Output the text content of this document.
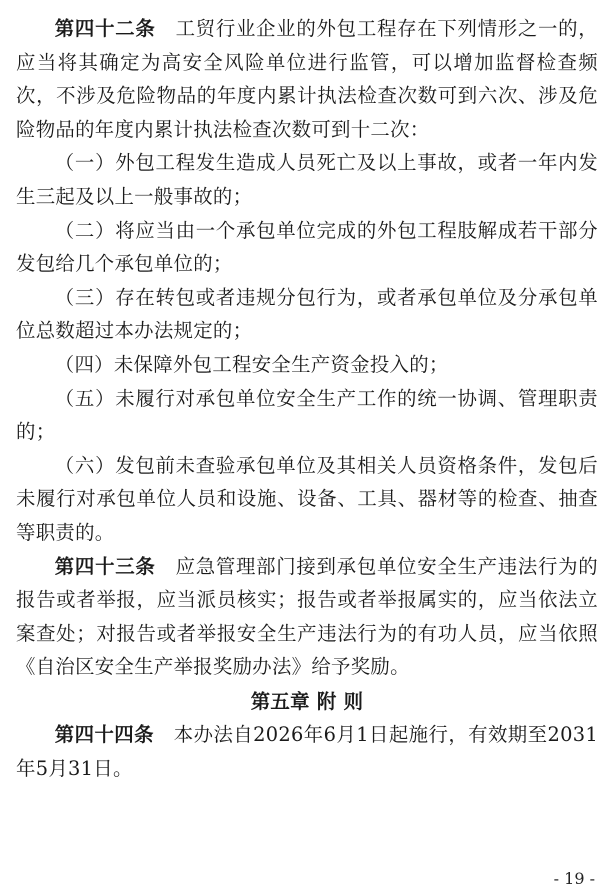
第四十二条　 工贸行业企业的外包工程存在下列情形之一的，应当将其确定为高安全风险单位进行监管，可以增加监督检查频次，不涉及危险物品的年度内累计执法检查次数可到六次、涉及危险物品的年度内累计执法检查次数可到十二次：

（一）外包工程发生造成人员死亡及以上事故，或者一年内发生三起及以上一般事故的；

（二）将应当由一个承包单位完成的外包工程肢解成若干部分发包给几个承包单位的；

（三）存在转包或者违规分包行为，或者承包单位及分承包单位总数超过本办法规定的；

（四）未保障外包工程安全生产资金投入的；

（五）未履行对承包单位安全生产工作的统一协调、管理职责的；

（六）发包前未查验承包单位及其相关人员资格条件，发包后未履行对承包单位人员和设施、设备、工具、器材等的检查、抽查等职责的。

第四十三条　 应急管理部门接到承包单位安全生产违法行为的报告或者举报，应当派员核实；报告或者举报属实的，应当依法立案查处；对报告或者举报安全生产违法行为的有功人员，应当依照《自治区安全生产举报奖励办法》给予奖励。

第五章 附 则

第四十四条　 本办法自2026年6月1日起施行，有效期至2031年5月31日。

- 19 -
